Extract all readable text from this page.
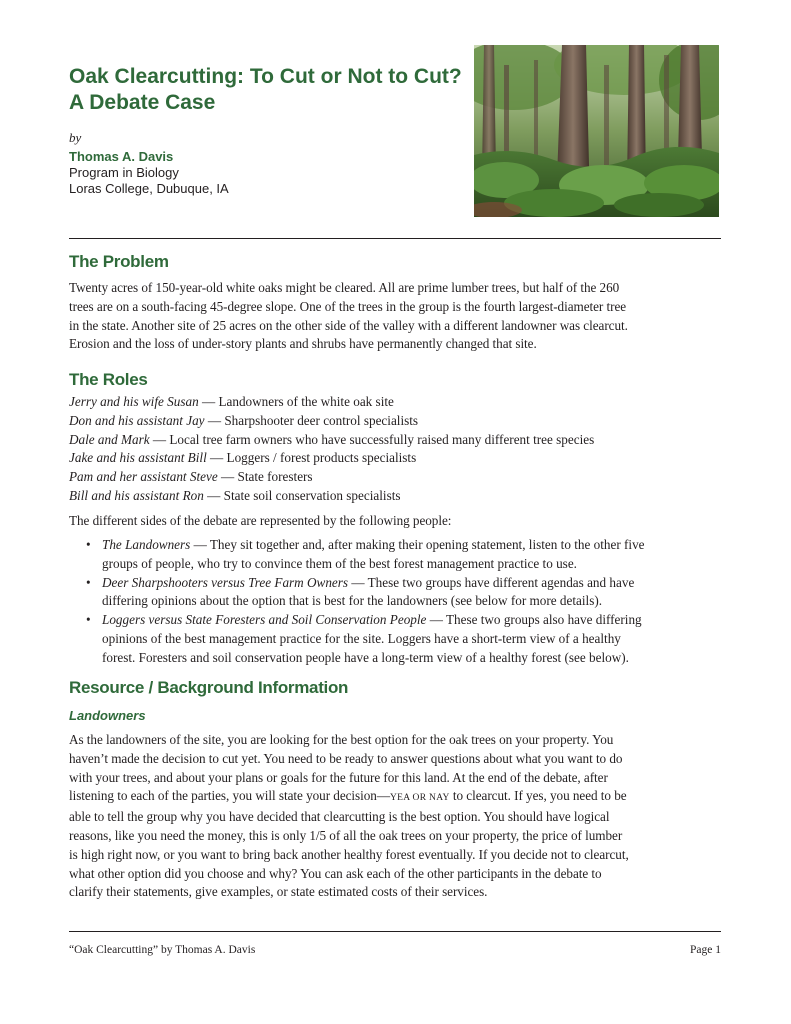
Oak Clearcutting: To Cut or Not to Cut?
A Debate Case
by
Thomas A. Davis
Program in Biology
Loras College, Dubuque, IA
The Problem
Twenty acres of 150-year-old white oaks might be cleared. All are prime lumber trees, but half of the 260
trees are on a south-facing 45-degree slope. One of the trees in the group is the fourth largest-diameter tree
in the state. Another site of 25 acres on the other side of the valley with a different landowner was clearcut.
Erosion and the loss of under-story plants and shrubs have permanently changed that site.
The Roles
Jerry and his wife Susan — Landowners of the white oak site
Don and his assistant Jay — Sharpshooter deer control specialists
Dale and Mark — Local tree farm owners who have successfully raised many different tree species
Jake and his assistant Bill — Loggers / forest products specialists
Pam and her assistant Steve — State foresters
Bill and his assistant Ron — State soil conservation specialists
The different sides of the debate are represented by the following people:
• The Landowners — They sit together and, after making their opening statement, listen to the other five
groups of people, who try to convince them of the best forest management practice to use.
• Deer Sharpshooters versus Tree Farm Owners — These two groups have different agendas and have
differing opinions about the option that is best for the landowners (see below for more details).
• Loggers versus State Foresters and Soil Conservation People — These two groups also have differing
opinions of the best management practice for the site. Loggers have a short-term view of a healthy
forest. Foresters and soil conservation people have a long-term view of a healthy forest (see below).
Resource / Background Information
Landowners
As the landowners of the site, you are looking for the best option for the oak trees on your property. You
haven’t made the decision to cut yet. You need to be ready to answer questions about what you want to do
with your trees, and about your plans or goals for the future for this land. At the end of the debate, after
listening to each of the parties, you will state your decision—YEA OR NAY to clearcut. If yes, you need to be
able to tell the group why you have decided that clearcutting is the best option. You should have logical
reasons, like you need the money, this is only 1/5 of all the oak trees on your property, the price of lumber
is high right now, or you want to bring back another healthy forest eventually. If you decide not to clearcut,
what other option did you choose and why? You can ask each of the other participants in the debate to
clarify their statements, give examples, or state estimated costs of their services.
“Oak Clearcutting” by Thomas A. Davis	Page 1
